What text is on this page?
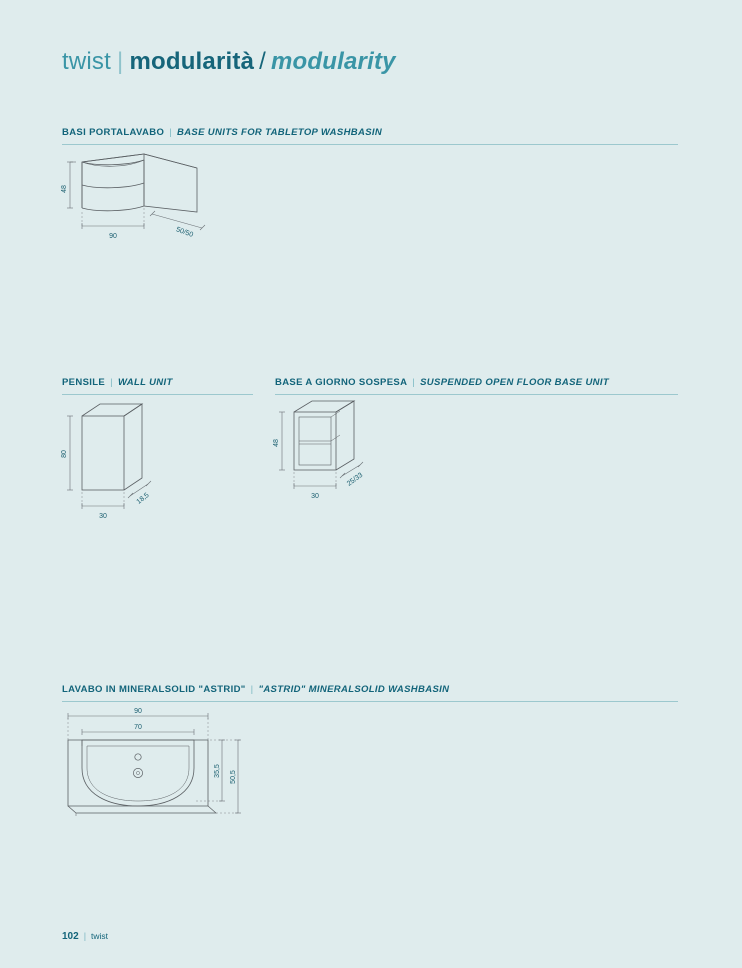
twist | modularità / modularity
BASI PORTALAVABO | BASE UNITS FOR TABLETOP WASHBASIN
48
90	50/50
PENSILE | WALL UNIT
80
30
18,5
BASE A GIORNO SOSPESA | SUSPENDED OPEN FLOOR BASE UNIT
48
30
25/33
LAVABO IN MINERALSOLID "ASTRID" | "ASTRID" MINERALSOLID WASHBASIN
90
70
35,5 50,5
102 | twist
